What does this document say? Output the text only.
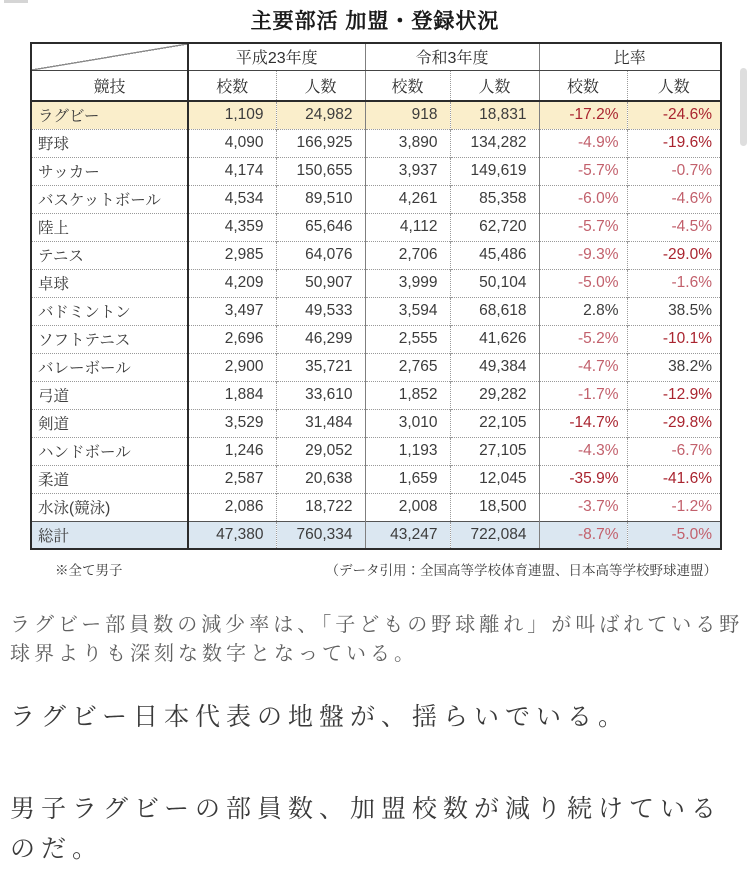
主要部活 加盟・登録状況
	平成23年度		令和3年度		比率	
競技	校数	人数	校数	人数	校数	人数
ラグビー	1,109	24,982	918	18,831	-17.2%	-24.6%
野球	4,090	166,925	3,890	134,282	-4.9%	-19.6%
サッカー	4,174	150,655	3,937	149,619	-5.7%	-0.7%
バスケットボール	4,534	89,510	4,261	85,358	-6.0%	-4.6%
陸上	4,359	65,646	4,112	62,720	-5.7%	-4.5%
テニス	2,985	64,076	2,706	45,486	-9.3%	-29.0%
卓球	4,209	50,907	3,999	50,104	-5.0%	-1.6%
バドミントン	3,497	49,533	3,594	68,618	2.8%	38.5%
ソフトテニス	2,696	46,299	2,555	41,626	-5.2%	-10.1%
バレーボール	2,900	35,721	2,765	49,384	-4.7%	38.2%
弓道	1,884	33,610	1,852	29,282	-1.7%	-12.9%
剣道	3,529	31,484	3,010	22,105	-14.7%	-29.8%
ハンドボール	1,246	29,052	1,193	27,105	-4.3%	-6.7%
柔道	2,587	20,638	1,659	12,045	-35.9%	-41.6%
水泳(競泳)	2,086	18,722	2,008	18,500	-3.7%	-1.2%
総計	47,380	760,334	43,247	722,084	-8.7%	-5.0%
※全て男子	（データ引用：全国高等学校体育連盟、日本高等学校野球連盟）

ラグビー部員数の減少率は、「子どもの野球離れ」が叫ばれている野球界よりも深刻な数字となっている。

ラグビー日本代表の地盤が、揺らいでいる。

男子ラグビーの部員数、加盟校数が減り続けているのだ。
